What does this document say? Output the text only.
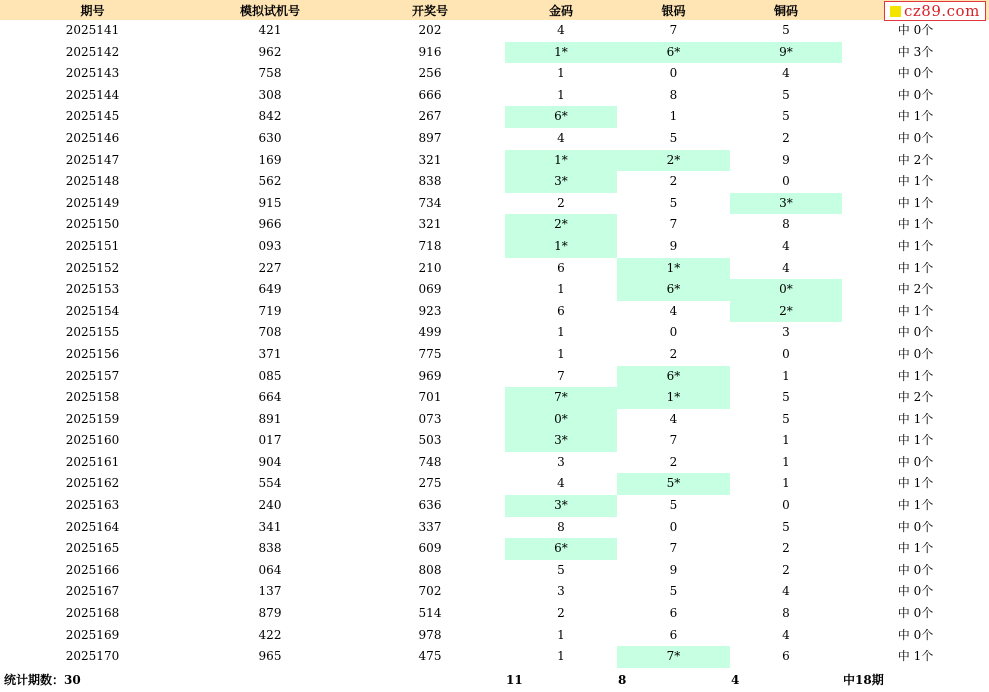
期号	模拟试机号	开奖号	金码	银码	铜码	
2025141	421	202	4	7	5	中 0个
2025142	962	916	1*	6*	9*	中 3个
2025143	758	256	1	0	4	中 0个
2025144	308	666	1	8	5	中 0个
2025145	842	267	6*	1	5	中 1个
2025146	630	897	4	5	2	中 0个
2025147	169	321	1*	2*	9	中 2个
2025148	562	838	3*	2	0	中 1个
2025149	915	734	2	5	3*	中 1个
2025150	966	321	2*	7	8	中 1个
2025151	093	718	1*	9	4	中 1个
2025152	227	210	6	1*	4	中 1个
2025153	649	069	1	6*	0*	中 2个
2025154	719	923	6	4	2*	中 1个
2025155	708	499	1	0	3	中 0个
2025156	371	775	1	2	0	中 0个
2025157	085	969	7	6*	1	中 1个
2025158	664	701	7*	1*	5	中 2个
2025159	891	073	0*	4	5	中 1个
2025160	017	503	3*	7	1	中 1个
2025161	904	748	3	2	1	中 0个
2025162	554	275	4	5*	1	中 1个
2025163	240	636	3*	5	0	中 1个
2025164	341	337	8	0	5	中 0个
2025165	838	609	6*	7	2	中 1个
2025166	064	808	5	9	2	中 0个
2025167	137	702	3	5	4	中 0个
2025168	879	514	2	6	8	中 0个
2025169	422	978	1	6	4	中 0个
2025170	965	475	1	7*	6	中 1个
统计期数：30			11	8	4	中18期
cz89.com
